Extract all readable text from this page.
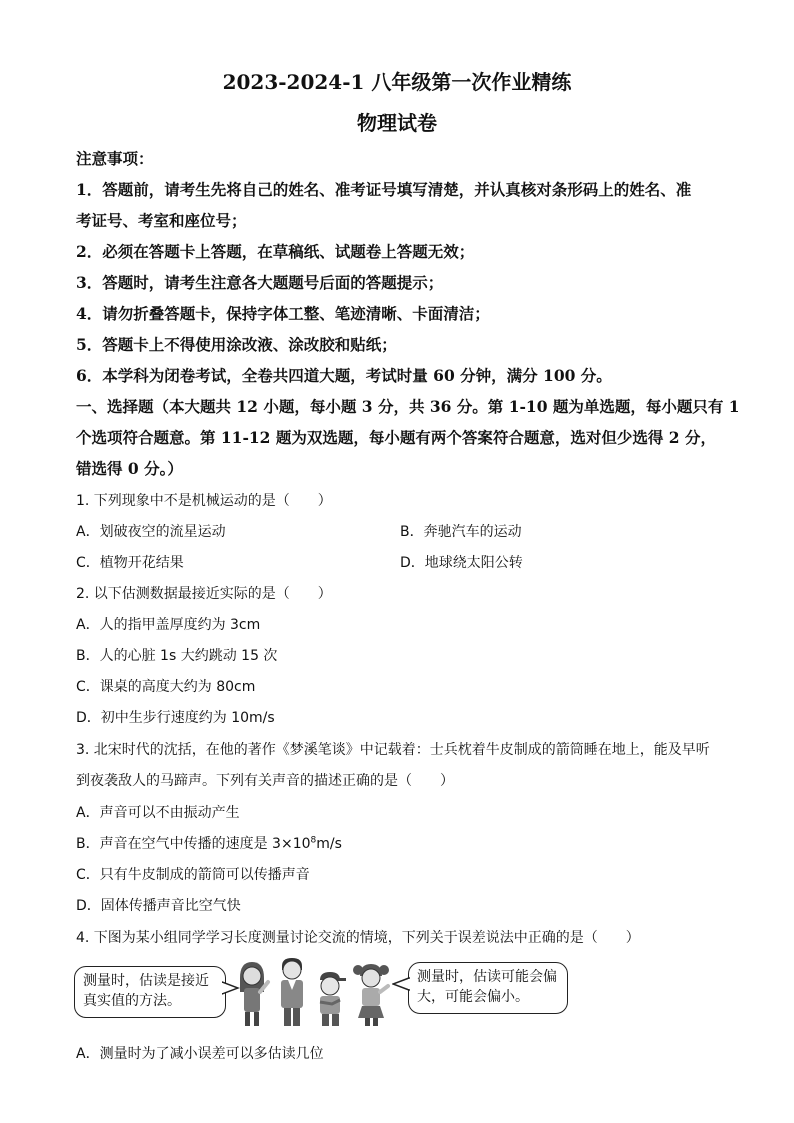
2023-2024-1 八年级第一次作业精练
物理试卷
注意事项：
1．答题前，请考生先将自己的姓名、准考证号填写清楚，并认真核对条形码上的姓名、准
考证号、考室和座位号；
2．必须在答题卡上答题，在草稿纸、试题卷上答题无效；
3．答题时，请考生注意各大题题号后面的答题提示；
4．请勿折叠答题卡，保持字体工整、笔迹清晰、卡面清洁；
5．答题卡上不得使用涂改液、涂改胶和贴纸；
6．本学科为闭卷考试，全卷共四道大题，考试时量 60 分钟，满分 100 分。
一、选择题（本大题共 12 小题，每小题 3 分，共 36 分。第 1-10 题为单选题，每小题只有 1
个选项符合题意。第 11-12 题为双选题，每小题有两个答案符合题意，选对但少选得 2 分，
错选得 0 分。）
1. 下列现象中不是机械运动的是（　　）
A．划破夜空的流星运动	B．奔驰汽车的运动
C．植物开花结果	D．地球绕太阳公转
2. 以下估测数据最接近实际的是（　　）
A．人的指甲盖厚度约为 3cm
B．人的心脏 1s 大约跳动 15 次
C．课桌的高度大约为 80cm
D．初中生步行速度约为 10m/s
3. 北宋时代的沈括，在他的著作《梦溪笔谈》中记载着：士兵枕着牛皮制成的箭筒睡在地上，能及早听
到夜袭敌人的马蹄声。下列有关声音的描述正确的是（　　）
A．声音可以不由振动产生
B．声音在空气中传播的速度是 $3\times 10^8m/s$
C．只有牛皮制成的箭筒可以传播声音
D．固体传播声音比空气快
4. 下图为某小组同学学习长度测量讨论交流的情境，下列关于误差说法中正确的是（　　）
测量时，估读是接近真实值的方法。
测量时，估读可能会偏大，可能会偏小。
A．测量时为了减小误差可以多估读几位
